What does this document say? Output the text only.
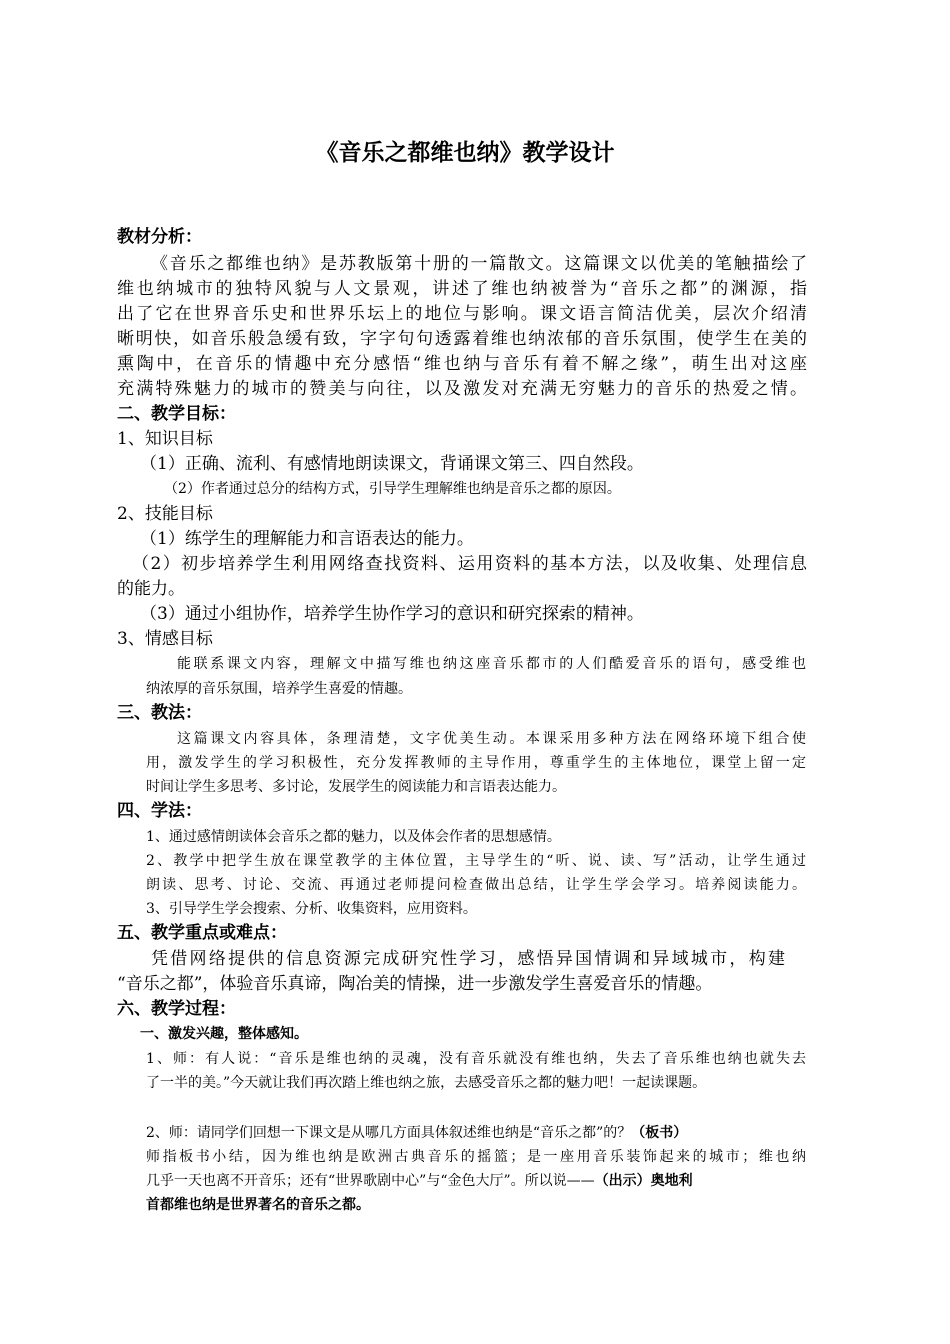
《音乐之都维也纳》教学设计
教材分析：
《音乐之都维也纳》是苏教版第十册的一篇散文。这篇课文以优美的笔触描绘了
维也纳城市的独特风貌与人文景观，讲述了维也纳被誉为“音乐之都”的渊源，指
出了它在世界音乐史和世界乐坛上的地位与影响。课文语言简洁优美，层次介绍清
晰明快，如音乐般急缓有致，字字句句透露着维也纳浓郁的音乐氛围，使学生在美的
熏陶中，在音乐的情趣中充分感悟“维也纳与音乐有着不解之缘”，萌生出对这座
充满特殊魅力的城市的赞美与向往，以及激发对充满无穷魅力的音乐的热爱之情。
二、教学目标：
1、知识目标
（1）正确、流利、有感情地朗读课文，背诵课文第三、四自然段。
（2）作者通过总分的结构方式，引导学生理解维也纳是音乐之都的原因。
2、技能目标
（1）练学生的理解能力和言语表达的能力。
（2）初步培养学生利用网络查找资料、运用资料的基本方法，以及收集、处理信息
的能力。
（3）通过小组协作，培养学生协作学习的意识和研究探索的精神。
3、情感目标
能联系课文内容，理解文中描写维也纳这座音乐都市的人们酷爱音乐的语句，感受维也
纳浓厚的音乐氛围，培养学生喜爱的情趣。
三、教法：
这篇课文内容具体，条理清楚，文字优美生动。本课采用多种方法在网络环境下组合使
用，激发学生的学习积极性，充分发挥教师的主导作用，尊重学生的主体地位，课堂上留一定
时间让学生多思考、多讨论，发展学生的阅读能力和言语表达能力。
四、学法：
1、通过感情朗读体会音乐之都的魅力，以及体会作者的思想感情。
2、教学中把学生放在课堂教学的主体位置，主导学生的“听、说、读、写”活动，让学生通过
朗读、思考、讨论、交流、再通过老师提问检查做出总结，让学生学会学习。培养阅读能力。
3、引导学生学会搜索、分析、收集资料，应用资料。
五、教学重点或难点：
凭借网络提供的信息资源完成研究性学习，感悟异国情调和异域城市，构建
“音乐之都”，体验音乐真谛，陶冶美的情操，进一步激发学生喜爱音乐的情趣。
六、教学过程：
一、激发兴趣，整体感知。
1、师：有人说：“音乐是维也纳的灵魂，没有音乐就没有维也纳，失去了音乐维也纳也就失去
了一半的美。”今天就让我们再次踏上维也纳之旅，去感受音乐之都的魅力吧！一起读课题。
2、师：请同学们回想一下课文是从哪几方面具体叙述维也纳是“音乐之都”的？（板书）
师指板书小结，因为维也纳是欧洲古典音乐的摇篮；是一座用音乐装饰起来的城市；维也纳
几乎一天也离不开音乐；还有“世界歌剧中心”与“金色大厅”。所以说——（出示）奥地利
首都维也纳是世界著名的音乐之都。
